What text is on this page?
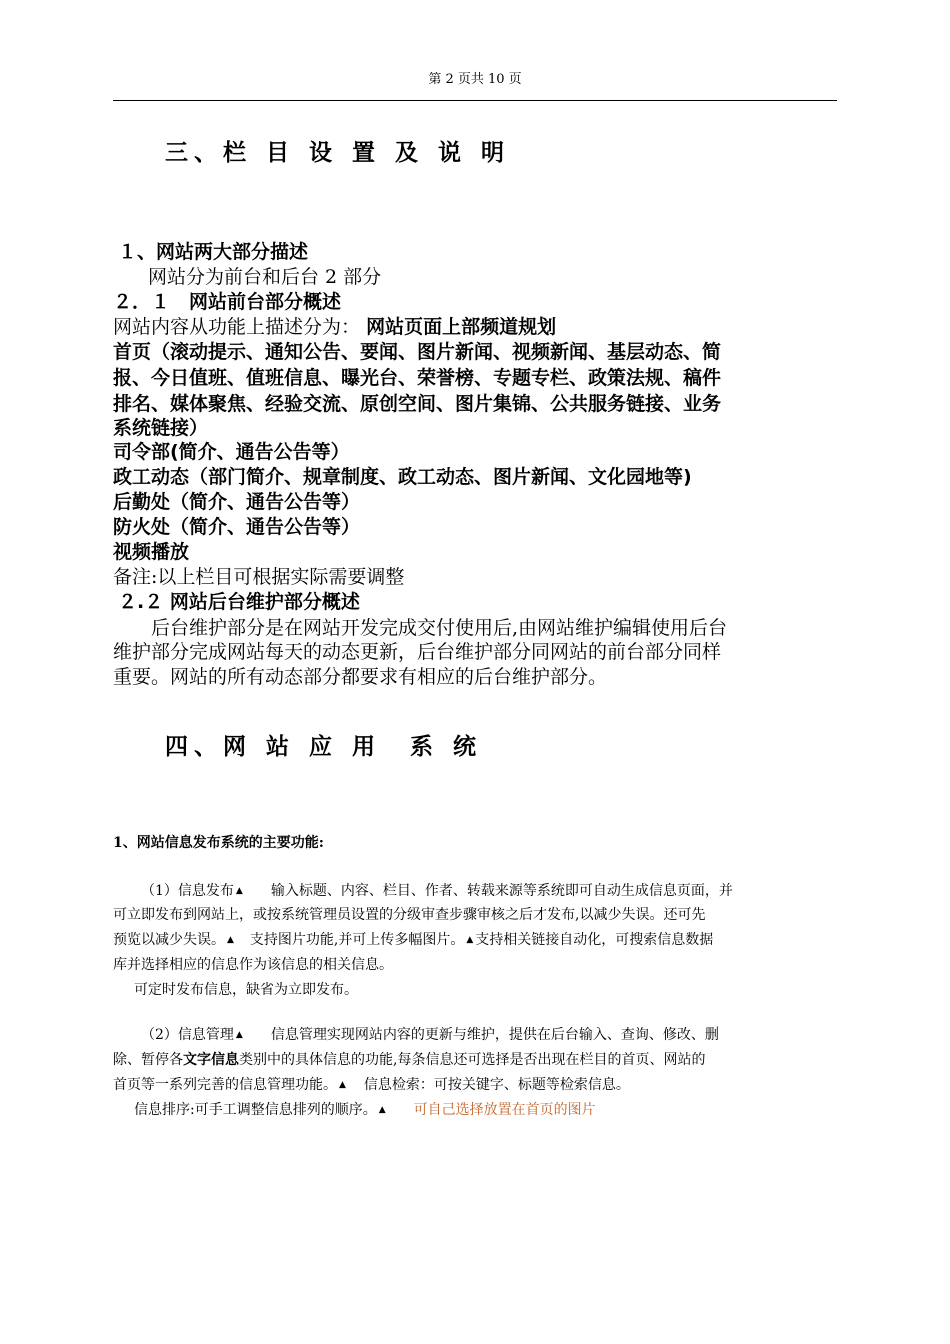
第 2 页共 10 页
三、栏 目 设 置 及 说 明
１、网站两大部分描述
网站分为前台和后台 2 部分
２．１　网站前台部分概述
网站内容从功能上描述分为： 网站页面上部频道规划
首页（滚动提示、通知公告、要闻、图片新闻、视频新闻、基层动态、简
报、今日值班、值班信息、曝光台、荣誉榜、专题专栏、政策法规、稿件
排名、媒体聚焦、经验交流、原创空间、图片集锦、公共服务链接、业务
系统链接）
司令部(简介、通告公告等）
政工动态（部门简介、规章制度、政工动态、图片新闻、文化园地等)
后勤处（简介、通告公告等）
防火处（简介、通告公告等）
视频播放
备注:以上栏目可根据实际需要调整
２.２ 网站后台维护部分概述
　　后台维护部分是在网站开发完成交付使用后,由网站维护编辑使用后台
维护部分完成网站每天的动态更新，后台维护部分同网站的前台部分同样
重要。网站的所有动态部分都要求有相应的后台维护部分。
四、网 站 应 用　系 统
1、网站信息发布系统的主要功能:
（1）信息发布 ▲ 输入标题、内容、栏目、作者、转载来源等系统即可自动生成信息页面，并
可立即发布到网站上，或按系统管理员设置的分级审查步骤审核之后才发布,以减少失误。还可先
预览以减少失误。 ▲ 支持图片功能,并可上传多幅图片。 ▲ 支持相关链接自动化，可搜索信息数据
库并选择相应的信息作为该信息的相关信息。
可定时发布信息，缺省为立即发布。
（2）信息管理 ▲ 信息管理实现网站内容的更新与维护，提供在后台输入、查询、修改、删
除、暂停各文字信息类别中的具体信息的功能,每条信息还可选择是否出现在栏目的首页、网站的
首页等一系列完善的信息管理功能。 ▲ 信息检索：可按关键字、标题等检索信息。
信息排序:可手工调整信息排列的顺序。 ▲ 可自己选择放置在首页的图片
